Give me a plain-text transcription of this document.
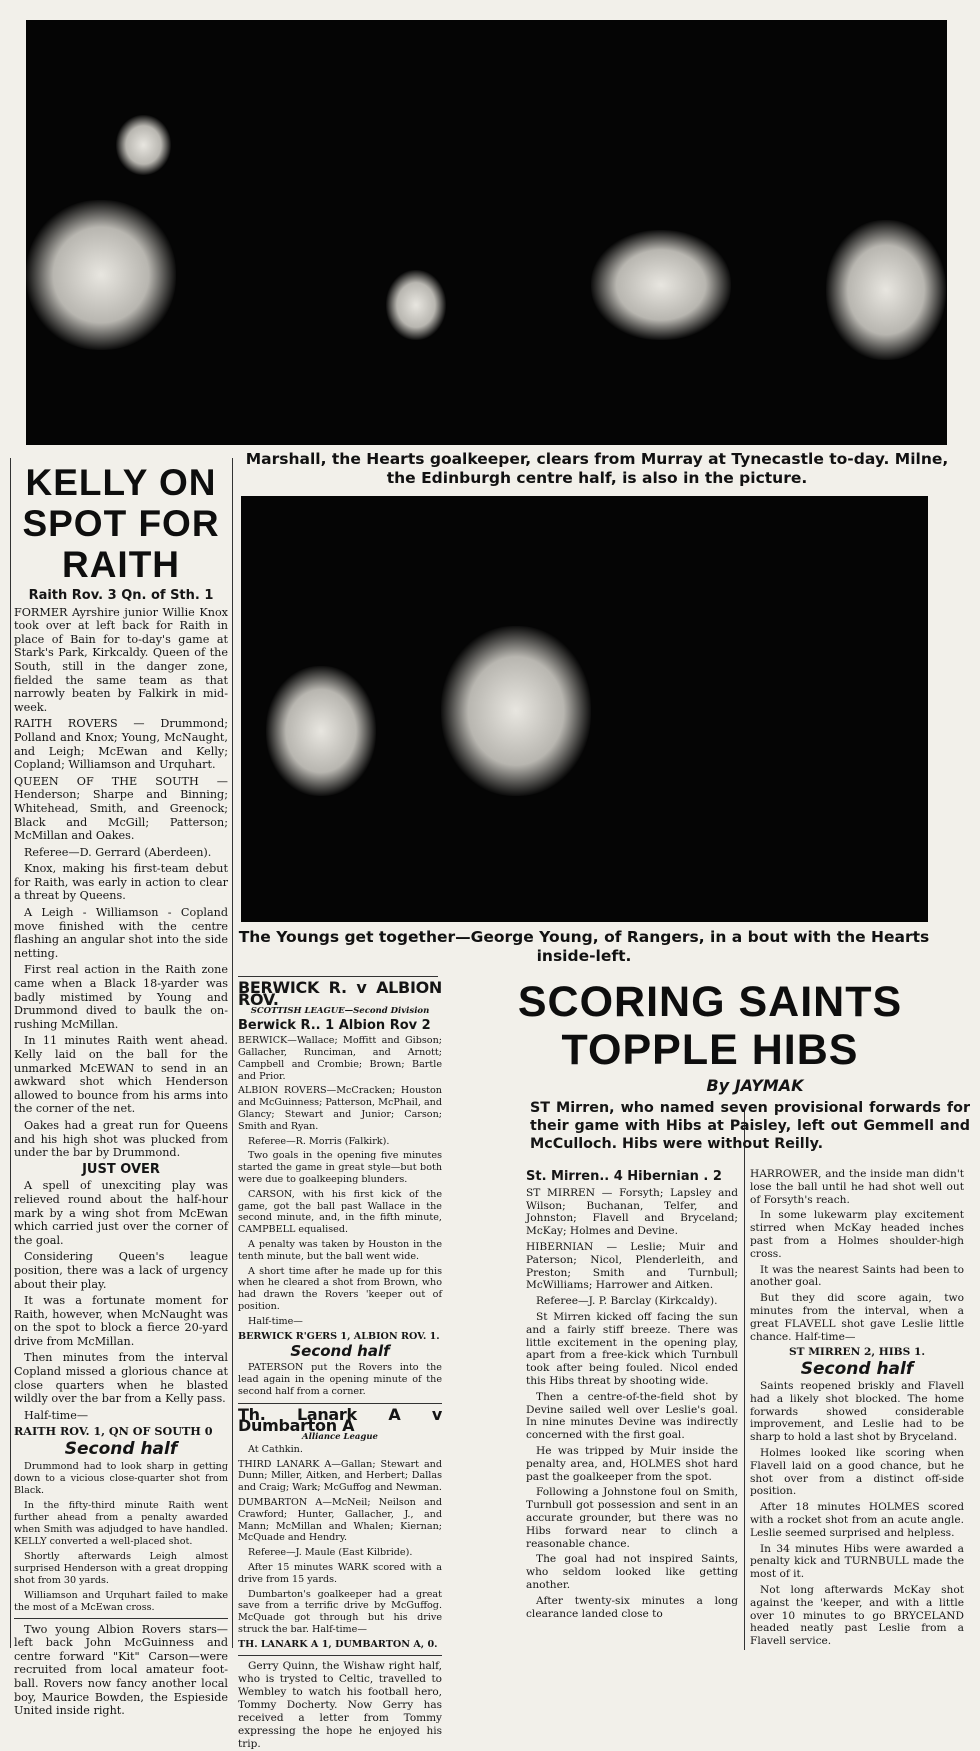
Marshall, the Hearts goalkeeper, clears from Murray at Tynecastle to-day. Milne, the Edinburgh centre half, is also in the picture.
The Youngs get together—George Young, of Rangers, in a bout with the Hearts inside-left.
KELLY ON SPOT FOR RAITH
Raith Rov. 3 Qn. of Sth. 1

FORMER Ayrshire junior Willie Knox took over at left back for Raith in place of Bain for to-day's game at Stark's Park, Kirkcaldy. Queen of the South, still in the danger zone, fielded the same team as that narrowly beaten by Falkirk in mid-week.

RAITH ROVERS — Drummond; Polland and Knox; Young, McNaught, and Leigh; McEwan and Kelly; Copland; Williamson and Urquhart.

QUEEN OF THE SOUTH — Henderson; Sharpe and Binning; Whitehead, Smith, and Greenock; Black and McGill; Patterson; McMillan and Oakes.

Referee—D. Gerrard (Aberdeen).

Knox, making his first-team debut for Raith, was early in action to clear a threat by Queens.

A Leigh - Williamson - Copland move finished with the centre flashing an angular shot into the side netting.

First real action in the Raith zone came when a Black 18-yarder was badly mistimed by Young and Drummond dived to baulk the on-rushing McMillan.

In 11 minutes Raith went ahead. Kelly laid on the ball for the unmarked McEWAN to send in an awkward shot which Henderson allowed to bounce from his arms into the corner of the net.

Oakes had a great run for Queens and his high shot was plucked from under the bar by Drummond.

JUST OVER

A spell of unexciting play was relieved round about the half-hour mark by a wing shot from McEwan which carried just over the corner of the goal.

Considering Queen's league position, there was a lack of urgency about their play.

It was a fortunate moment for Raith, however, when McNaught was on the spot to block a fierce 20-yard drive from McMillan.

Then minutes from the interval Copland missed a glorious chance at close quarters when he blasted wildly over the bar from a Kelly pass.

Half-time—

RAITH ROV. 1, QN OF SOUTH 0

Second half

Drummond had to look sharp in getting down to a vicious close-quarter shot from Black.

In the fifty-third minute Raith went further ahead from a penalty awarded when Smith was adjudged to have handled. KELLY converted a well-placed shot.

Shortly afterwards Leigh almost surprised Henderson with a great dropping shot from 30 yards.

Williamson and Urquhart failed to make the most of a McEwan cross.

Two young Albion Rovers stars—left back John McGuinness and centre forward "Kit" Carson—were recruited from local amateur foot-ball. Rovers now fancy another local boy, Maurice Bowden, the Espieside United inside right.

BERWICK R. v ALBION ROV.
SCOTTISH LEAGUE—Second Division
Berwick R.. 1 Albion Rov 2

BERWICK—Wallace; Moffitt and Gibson; Gallacher, Runciman, and Arnott; Campbell and Crombie; Brown; Bartle and Prior.

ALBION ROVERS—McCracken; Houston and McGuinness; Patterson, McPhail, and Glancy; Stewart and Junior; Carson; Smith and Ryan.

Referee—R. Morris (Falkirk).

Two goals in the opening five minutes started the game in great style—but both were due to goalkeeping blunders.

CARSON, with his first kick of the game, got the ball past Wallace in the second minute, and, in the fifth minute, CAMPBELL equalised.

A penalty was taken by Houston in the tenth minute, but the ball went wide.

A short time after he made up for this when he cleared a shot from Brown, who had drawn the Rovers 'keeper out of position.

Half-time—

BERWICK R'GERS 1, ALBION ROV. 1.

Second half

PATERSON put the Rovers into the lead again in the opening minute of the second half from a corner.

Th. Lanark A v Dumbarton A
Alliance League

At Cathkin.

THIRD LANARK A—Gallan; Stewart and Dunn; Miller, Aitken, and Herbert; Dallas and Craig; Wark; McGuffog and Newman.

DUMBARTON A—McNeil; Neilson and Crawford; Hunter, Gallacher, J., and Mann; McMillan and Whalen; Kiernan; McQuade and Hendry.

Referee—J. Maule (East Kilbride).

After 15 minutes WARK scored with a drive from 15 yards.

Dumbarton's goalkeeper had a great save from a terrific drive by McGuffog. McQuade got through but his drive struck the bar. Half-time—

TH. LANARK A 1, DUMBARTON A, 0.

Gerry Quinn, the Wishaw right half, who is trysted to Celtic, travelled to Wembley to watch his football hero, Tommy Docherty. Now Gerry has received a letter from Tommy expressing the hope he enjoyed his trip.

SCORING SAINTS
TOPPLE HIBS
By JAYMAK
ST Mirren, who named seven provisional forwards for their game with Hibs at Paisley, left out Gemmell and McCulloch. Hibs were without Reilly.
St. Mirren.. 4 Hibernian . 2

ST MIRREN — Forsyth; Lapsley and Wilson; Buchanan, Telfer, and Johnston; Flavell and Bryceland; McKay; Holmes and Devine.

HIBERNIAN — Leslie; Muir and Paterson; Nicol, Plenderleith, and Preston; Smith and Turnbull; McWilliams; Harrower and Aitken.

Referee—J. P. Barclay (Kirkcaldy).

St Mirren kicked off facing the sun and a fairly stiff breeze. There was little excitement in the opening play, apart from a free-kick which Turnbull took after being fouled. Nicol ended this Hibs threat by shooting wide.

Then a centre-of-the-field shot by Devine sailed well over Leslie's goal. In nine minutes Devine was indirectly concerned with the first goal.

He was tripped by Muir inside the penalty area, and, HOLMES shot hard past the goalkeeper from the spot.

Following a Johnstone foul on Smith, Turnbull got possession and sent in an accurate grounder, but there was no Hibs forward near to clinch a reasonable chance.

The goal had not inspired Saints, who seldom looked like getting another.

After twenty-six minutes a long clearance landed close to

HARROWER, and the inside man didn't lose the ball until he had shot well out of Forsyth's reach.

In some lukewarm play excitement stirred when McKay headed inches past from a Holmes shoulder-high cross.

It was the nearest Saints had been to another goal.

But they did score again, two minutes from the interval, when a great FLAVELL shot gave Leslie little chance. Half-time—

ST MIRREN 2, HIBS 1.

Second half

Saints reopened briskly and Flavell had a likely shot blocked. The home forwards showed considerable improvement, and Leslie had to be sharp to hold a last shot by Bryceland.

Holmes looked like scoring when Flavell laid on a good chance, but he shot over from a distinct off-side position.

After 18 minutes HOLMES scored with a rocket shot from an acute angle. Leslie seemed surprised and helpless.

In 34 minutes Hibs were awarded a penalty kick and TURNBULL made the most of it.

Not long afterwards McKay shot against the 'keeper, and with a little over 10 minutes to go BRYCELAND headed neatly past Leslie from a Flavell service.
